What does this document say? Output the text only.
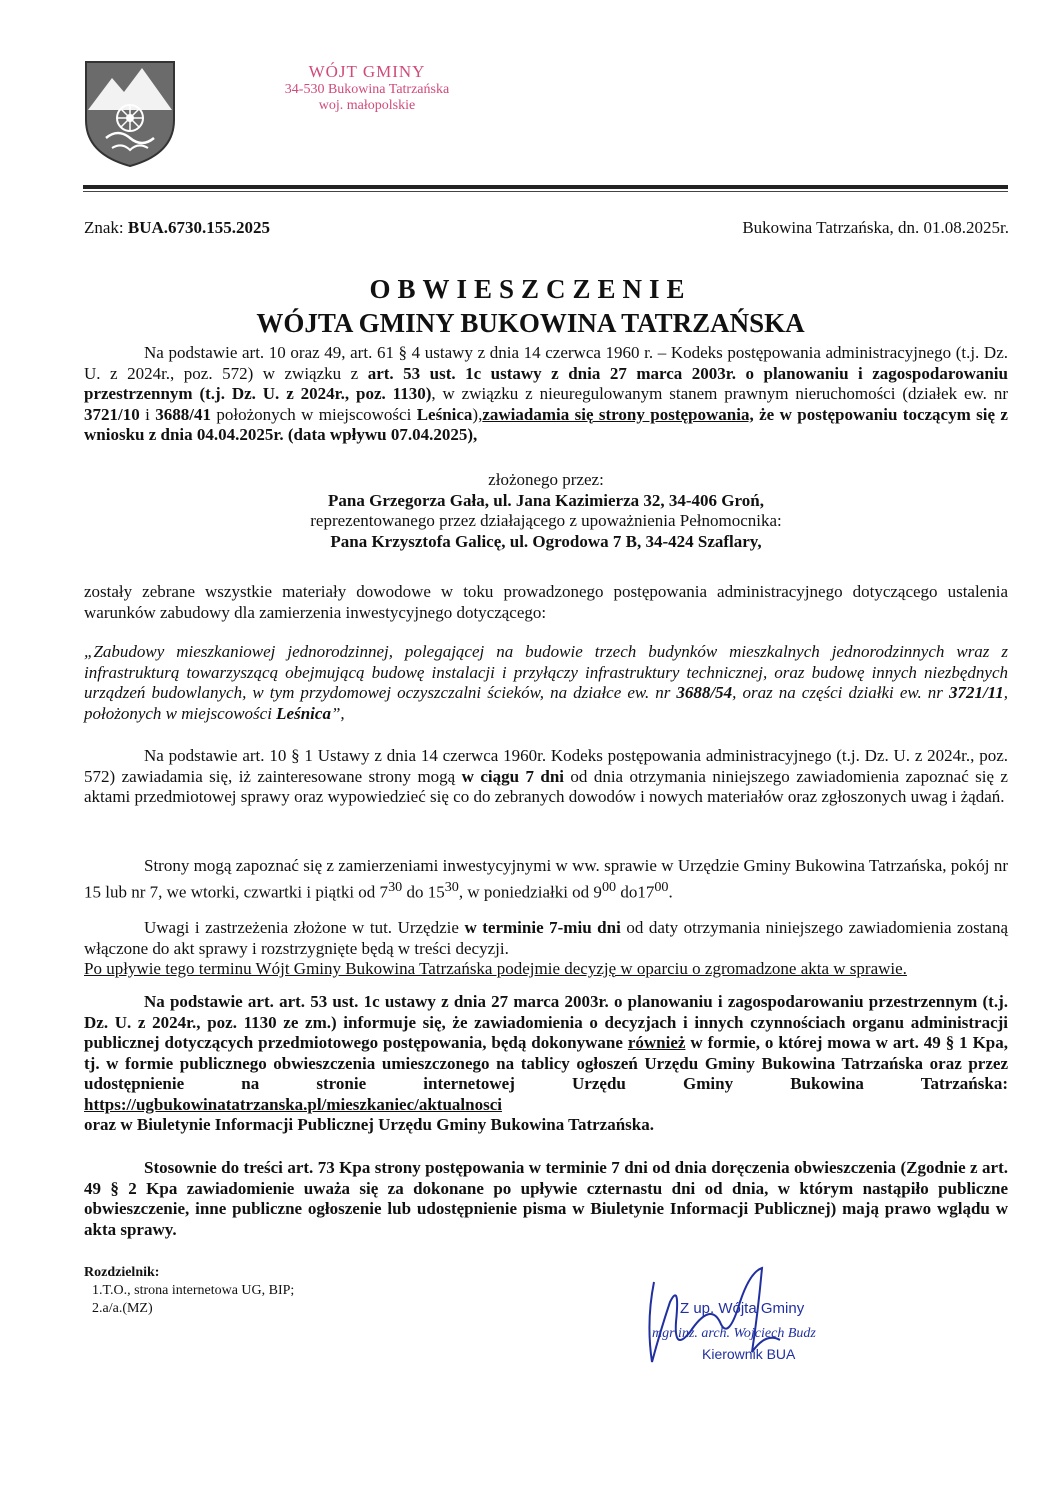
WÓJT GMINY
34-530 Bukowina Tatrzańska
woj. małopolskie
Znak: BUA.6730.155.2025	Bukowina Tatrzańska, dn. 01.08.2025r.
OBWIESZCZENIE
WÓJTA GMINY BUKOWINA TATRZAŃSKA

Na podstawie art. 10 oraz 49, art. 61 § 4 ustawy z dnia 14 czerwca 1960 r. – Kodeks postępowania administracyjnego (t.j. Dz. U. z 2024r., poz. 572) w związku z art. 53 ust. 1c ustawy z dnia 27 marca 2003r. o planowaniu i zagospodarowaniu przestrzennym (t.j. Dz. U. z 2024r., poz. 1130), w związku z nieuregulowanym stanem prawnym nieruchomości (działek ew. nr 3721/10 i 3688/41 położonych w miejscowości Leśnica),zawiadamia się strony postępowania, że w postępowaniu toczącym się z wniosku z dnia 04.04.2025r. (data wpływu 07.04.2025),

złożonego przez:

Pana Grzegorza Gała, ul. Jana Kazimierza 32, 34-406 Groń,

reprezentowanego przez działającego z upoważnienia Pełnomocnika:

Pana Krzysztofa Galicę, ul. Ogrodowa 7 B, 34-424 Szaflary,

zostały zebrane wszystkie materiały dowodowe w toku prowadzonego postępowania administracyjnego dotyczącego ustalenia warunków zabudowy dla zamierzenia inwestycyjnego dotyczącego:

„Zabudowy mieszkaniowej jednorodzinnej, polegającej na budowie trzech budynków mieszkalnych jednorodzinnych wraz z infrastrukturą towarzyszącą obejmującą budowę instalacji i przyłączy infrastruktury technicznej, oraz budowę innych niezbędnych urządzeń budowlanych, w tym przydomowej oczyszczalni ścieków, na działce ew. nr 3688/54, oraz na części działki ew. nr 3721/11, położonych w miejscowości Leśnica”,

Na podstawie art. 10 § 1 Ustawy z dnia 14 czerwca 1960r. Kodeks postępowania administracyjnego (t.j. Dz. U. z 2024r., poz. 572) zawiadamia się, iż zainteresowane strony mogą w ciągu 7 dni od dnia otrzymania niniejszego zawiadomienia zapoznać się z aktami przedmiotowej sprawy oraz wypowiedzieć się co do zebranych dowodów i nowych materiałów oraz zgłoszonych uwag i żądań.

Strony mogą zapoznać się z zamierzeniami inwestycyjnymi w ww. sprawie w Urzędzie Gminy Bukowina Tatrzańska, pokój nr 15 lub nr 7, we wtorki, czwartki i piątki od $7^{30}$ do $15^{30}$, w poniedziałki od $9^{00}$ $do17^{00}$.

Uwagi i zastrzeżenia złożone w tut. Urzędzie w terminie 7-miu dni od daty otrzymania niniejszego zawiadomienia zostaną włączone do akt sprawy i rozstrzygnięte będą w treści decyzji.

Po upływie tego terminu Wójt Gminy Bukowina Tatrzańska podejmie decyzję w oparciu o zgromadzone akta w sprawie.

Na podstawie art. art. 53 ust. 1c ustawy z dnia 27 marca 2003r. o planowaniu i zagospodarowaniu przestrzennym (t.j. Dz. U. z 2024r., poz. 1130 ze zm.) informuje się, że zawiadomienia o decyzjach i innych czynnościach organu administracji publicznej dotyczących przedmiotowego postępowania, będą dokonywane również w formie, o której mowa w art. 49 § 1 Kpa, tj. w formie publicznego obwieszczenia umieszczonego na tablicy ogłoszeń Urzędu Gminy Bukowina Tatrzańska oraz przez udostępnienie na stronie internetowej Urzędu Gminy Bukowina Tatrzańska: https://ugbukowinatatrzanska.pl/mieszkaniec/aktualnosci

oraz w Biuletynie Informacji Publicznej Urzędu Gminy Bukowina Tatrzańska.

Stosownie do treści art. 73 Kpa strony postępowania w terminie 7 dni od dnia doręczenia obwieszczenia (Zgodnie z art. 49 § 2 Kpa zawiadomienie uważa się za dokonane po upływie czternastu dni od dnia, w którym nastąpiło publiczne obwieszczenie, inne publiczne ogłoszenie lub udostępnienie pisma w Biuletynie Informacji Publicznej) mają prawo wglądu w akta sprawy.

Rozdzielnik:
1.T.O., strona internetowa UG, BIP;
2.a/a.(MZ)	Z up. Wójta Gminy
mgr inż. arch. Wojciech Budz
Kierownik BUA
